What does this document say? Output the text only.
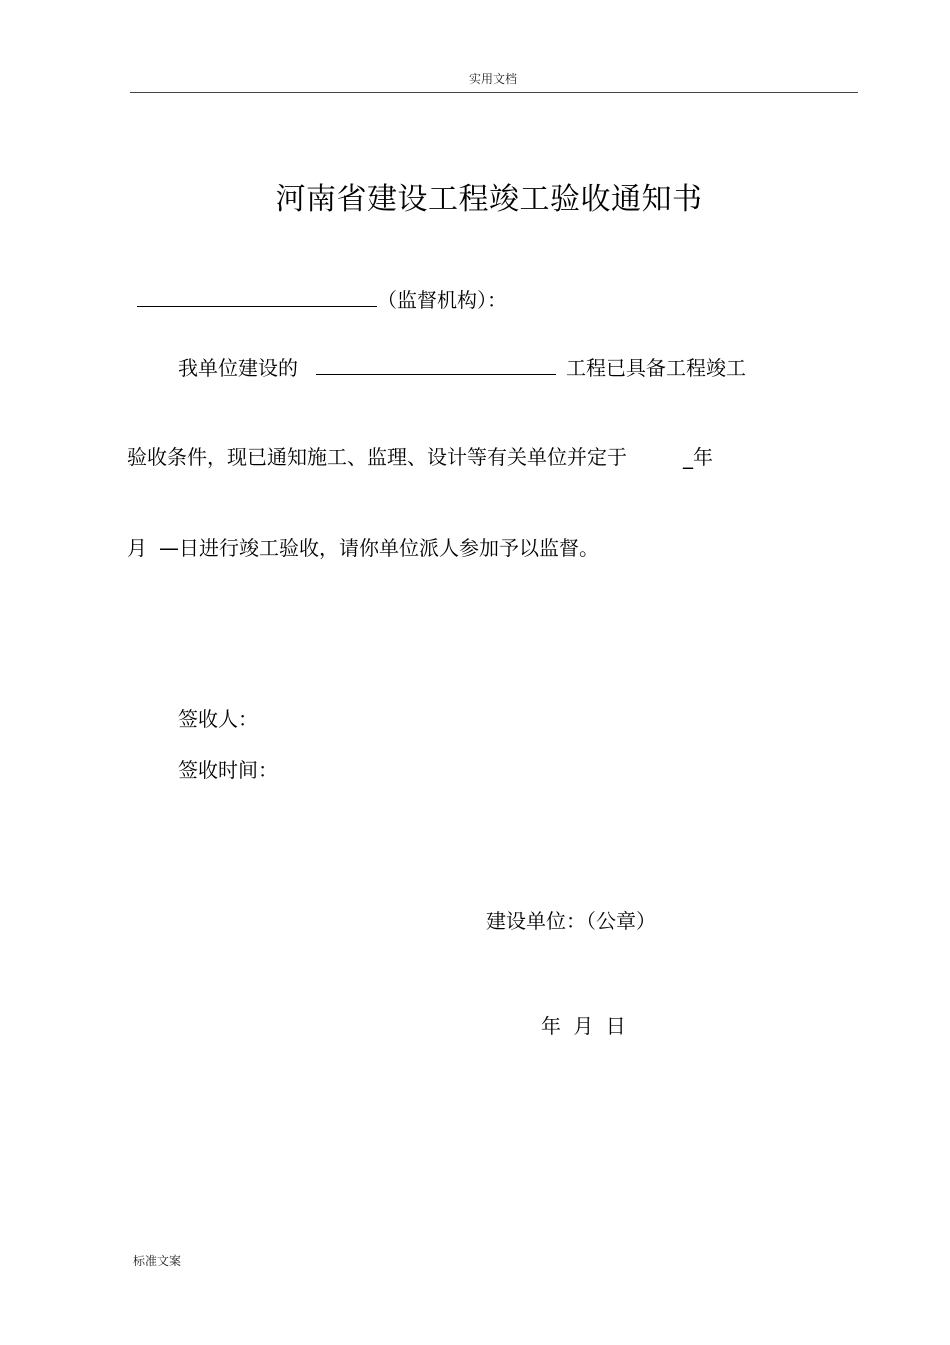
实用文档
河南省建设工程竣工验收通知书
（监督机构）：
我单位建设的	工程已具备工程竣工
验收条件，现已通知施工、监理、设计等有关单位并定于	_年
月 —日进行竣工验收，请你单位派人参加予以监督。
签收人：
签收时间：
建设单位：（公章）
年 月 日
标准文案
